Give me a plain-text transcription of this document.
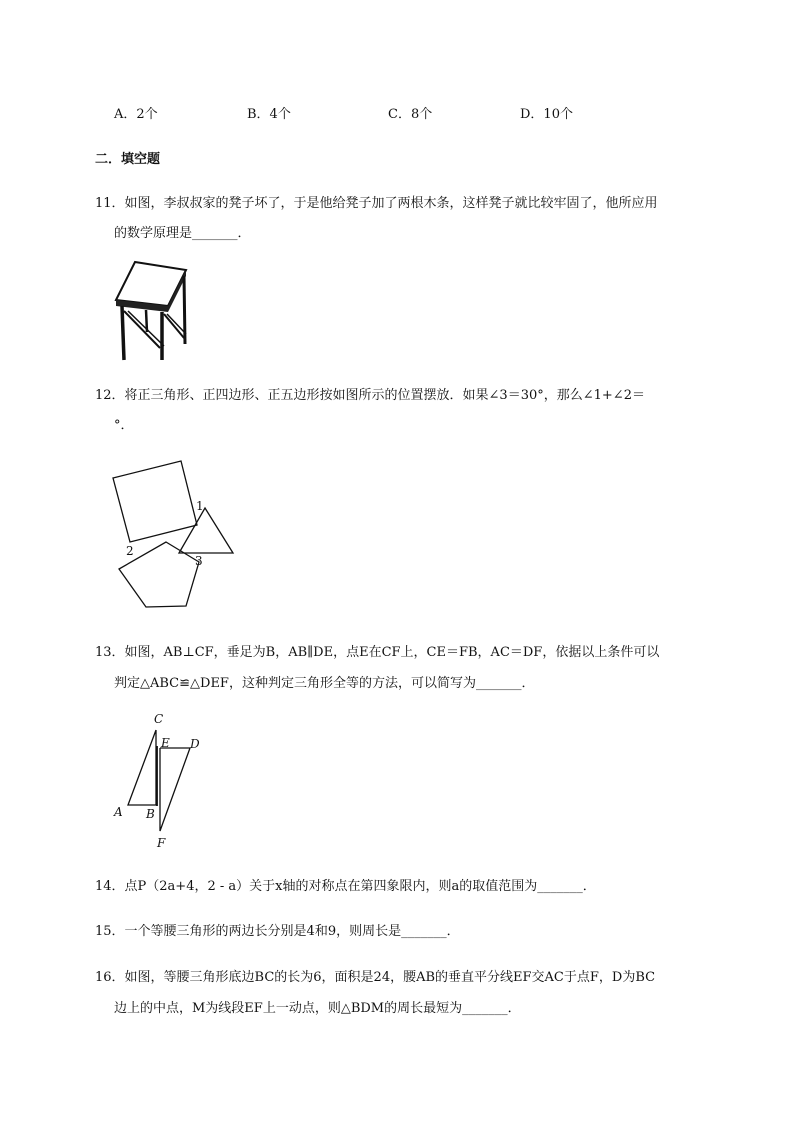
A．2个	B．4个	C．8个	D．10个
二．填空题
11．如图，李叔叔家的凳子坏了，于是他给凳子加了两根木条，这样凳子就比较牢固了，他所应用
的数学原理是_______．
12．将正三角形、正四边形、正五边形按如图所示的位置摆放．如果∠3＝30°，那么∠1+∠2＝
°．
1
2
3
13．如图，AB⊥CF，垂足为B，AB∥DE，点E在CF上，CE＝FB，AC＝DF，依据以上条件可以
判定△ABC≌△DEF，这种判定三角形全等的方法，可以简写为_______．
C
E D
A B
F
14．点P（2a+4，2 - a）关于x轴的对称点在第四象限内，则a的取值范围为_______．
15．一个等腰三角形的两边长分别是4和9，则周长是_______．
16．如图，等腰三角形底边BC的长为6，面积是24，腰AB的垂直平分线EF交AC于点F，D为BC
边上的中点，M为线段EF上一动点，则△BDM的周长最短为_______．
